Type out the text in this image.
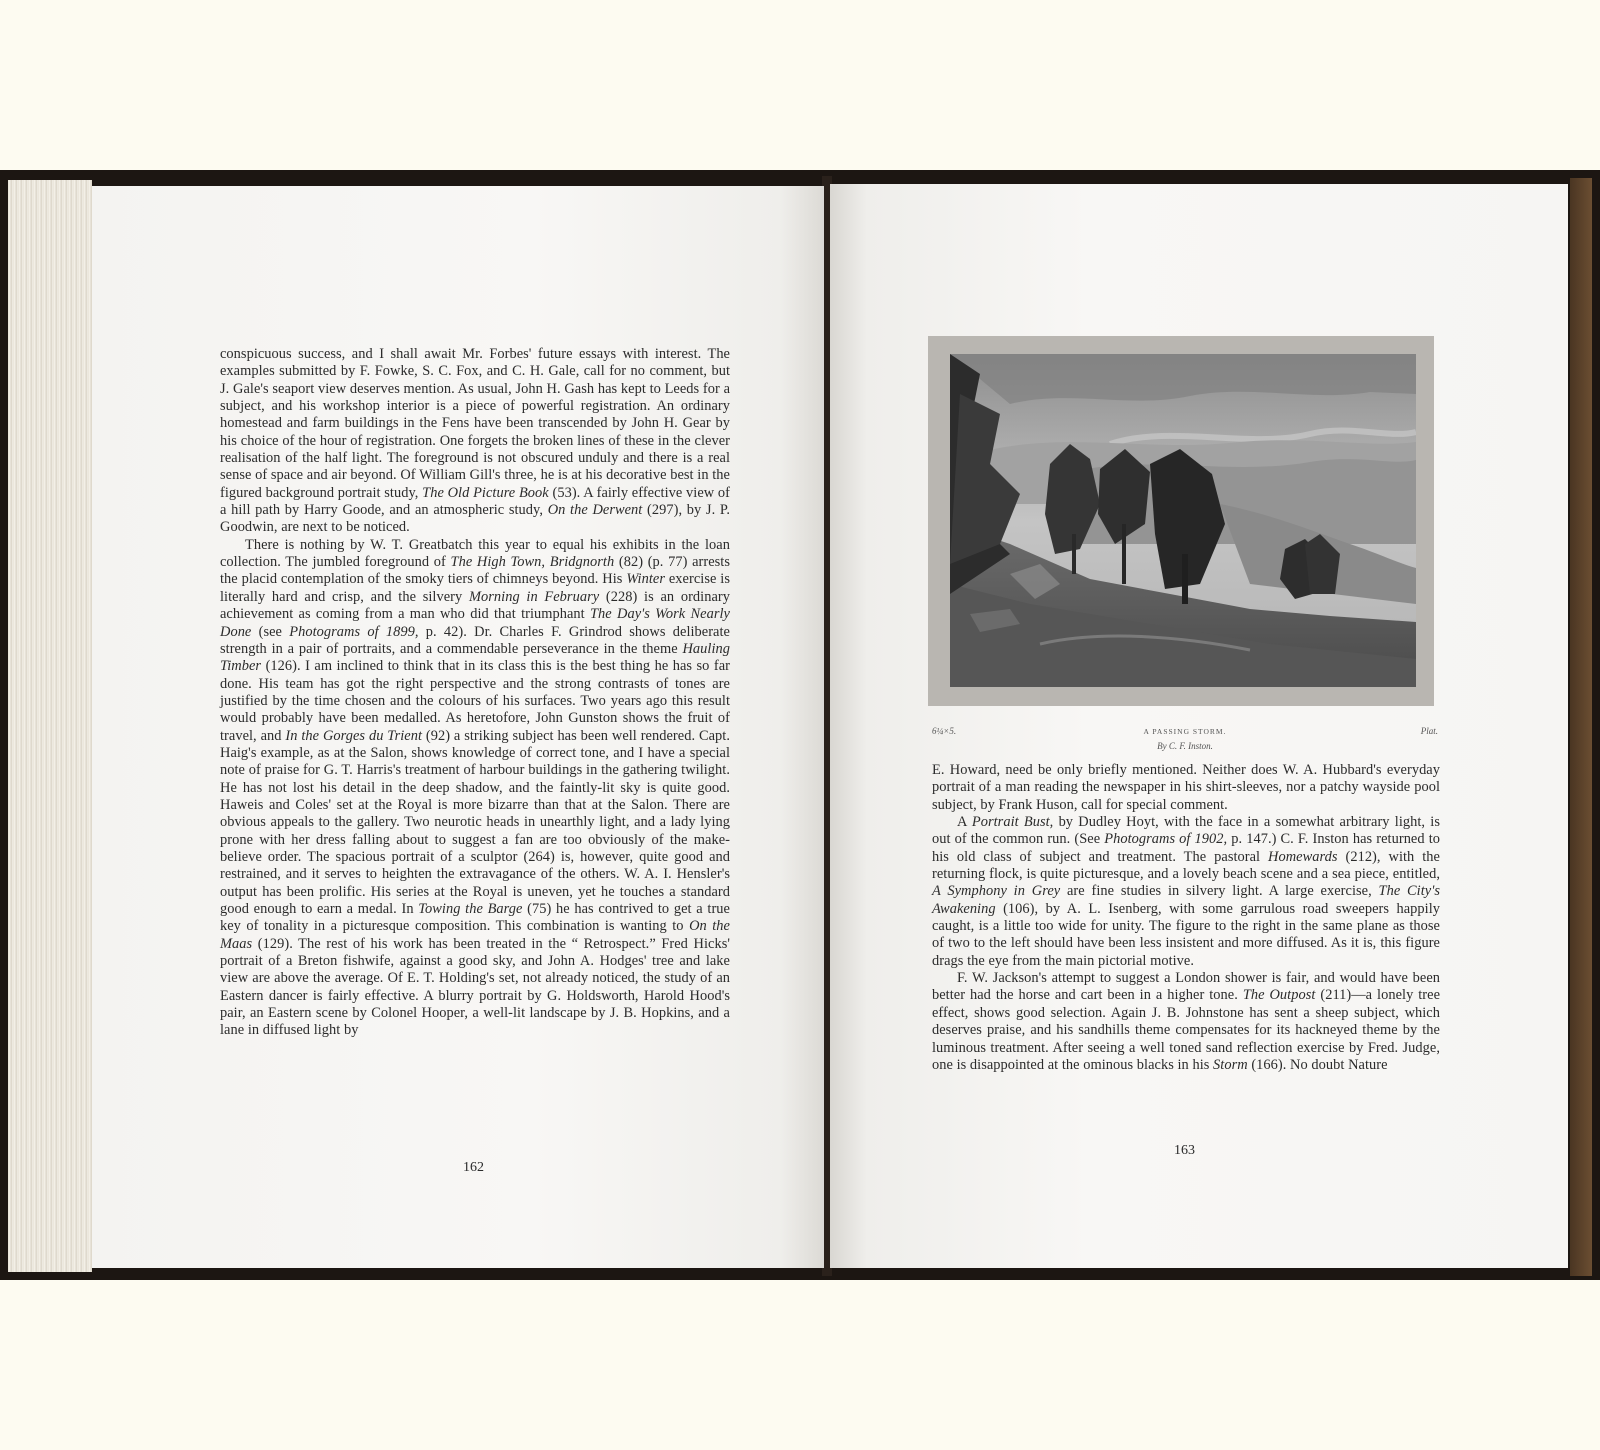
conspicuous success, and I shall await Mr. Forbes' future essays with interest. The examples submitted by F. Fowke, S. C. Fox, and C. H. Gale, call for no comment, but J. Gale's seaport view deserves mention. As usual, John H. Gash has kept to Leeds for a subject, and his workshop interior is a piece of powerful registration. An ordinary homestead and farm buildings in the Fens have been transcended by John H. Gear by his choice of the hour of registration. One forgets the broken lines of these in the clever realisation of the half light. The foreground is not obscured unduly and there is a real sense of space and air beyond. Of William Gill's three, he is at his decorative best in the figured background portrait study, The Old Picture Book (53). A fairly effective view of a hill path by Harry Goode, and an atmospheric study, On the Derwent (297), by J. P. Goodwin, are next to be noticed.

There is nothing by W. T. Greatbatch this year to equal his exhibits in the loan collection. The jumbled foreground of The High Town, Bridgnorth (82) (p. 77) arrests the placid contemplation of the smoky tiers of chimneys beyond. His Winter exercise is literally hard and crisp, and the silvery Morning in February (228) is an ordinary achievement as coming from a man who did that triumphant The Day's Work Nearly Done (see Photograms of 1899, p. 42). Dr. Charles F. Grindrod shows deliberate strength in a pair of portraits, and a commendable perseverance in the theme Hauling Timber (126). I am inclined to think that in its class this is the best thing he has so far done. His team has got the right perspective and the strong contrasts of tones are justified by the time chosen and the colours of his surfaces. Two years ago this result would probably have been medalled. As heretofore, John Gunston shows the fruit of travel, and In the Gorges du Trient (92) a striking subject has been well rendered. Capt. Haig's example, as at the Salon, shows knowledge of correct tone, and I have a special note of praise for G. T. Harris's treatment of harbour buildings in the gathering twilight. He has not lost his detail in the deep shadow, and the faintly-lit sky is quite good. Haweis and Coles' set at the Royal is more bizarre than that at the Salon. There are obvious appeals to the gallery. Two neurotic heads in unearthly light, and a lady lying prone with her dress falling about to suggest a fan are too obviously of the make-believe order. The spacious portrait of a sculptor (264) is, however, quite good and restrained, and it serves to heighten the extravagance of the others. W. A. I. Hensler's output has been prolific. His series at the Royal is uneven, yet he touches a standard good enough to earn a medal. In Towing the Barge (75) he has contrived to get a true key of tonality in a picturesque composition. This combination is wanting to On the Maas (129). The rest of his work has been treated in the “ Retrospect.” Fred Hicks' portrait of a Breton fishwife, against a good sky, and John A. Hodges' tree and lake view are above the average. Of E. T. Holding's set, not already noticed, the study of an Eastern dancer is fairly effective. A blurry portrait by G. Holdsworth, Harold Hood's pair, an Eastern scene by Colonel Hooper, a well-lit landscape by J. B. Hopkins, and a lane in diffused light by

162
6¼×5.	A PASSING STORM.	Plat.
By C. F. Inston.

E. Howard, need be only briefly mentioned. Neither does W. A. Hubbard's everyday portrait of a man reading the newspaper in his shirt-sleeves, nor a patchy wayside pool subject, by Frank Huson, call for special comment.

A Portrait Bust, by Dudley Hoyt, with the face in a somewhat arbitrary light, is out of the common run. (See Photograms of 1902, p. 147.) C. F. Inston has returned to his old class of subject and treatment. The pastoral Homewards (212), with the returning flock, is quite picturesque, and a lovely beach scene and a sea piece, entitled, A Symphony in Grey are fine studies in silvery light. A large exercise, The City's Awakening (106), by A. L. Isenberg, with some garrulous road sweepers happily caught, is a little too wide for unity. The figure to the right in the same plane as those of two to the left should have been less insistent and more diffused. As it is, this figure drags the eye from the main pictorial motive.

F. W. Jackson's attempt to suggest a London shower is fair, and would have been better had the horse and cart been in a higher tone. The Outpost (211)—a lonely tree effect, shows good selection. Again J. B. Johnstone has sent a sheep subject, which deserves praise, and his sandhills theme compensates for its hackneyed theme by the luminous treatment. After seeing a well toned sand reflection exercise by Fred. Judge, one is disappointed at the ominous blacks in his Storm (166). No doubt Nature

163
